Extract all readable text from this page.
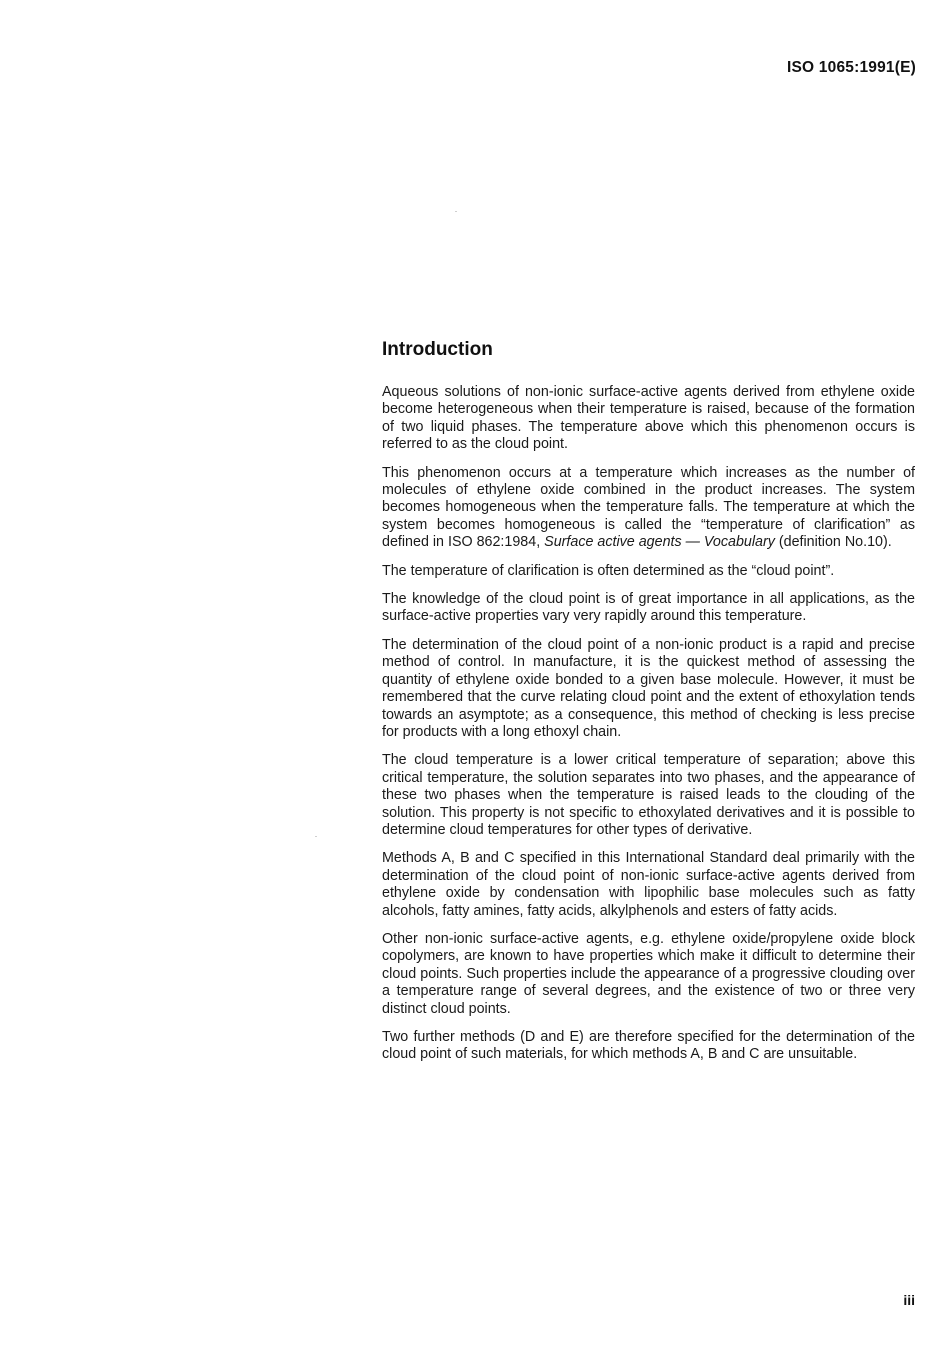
ISO 1065:1991(E)
Introduction

Aqueous solutions of non-ionic surface-active agents derived from ethylene oxide become heterogeneous when their temperature is raised, because of the formation of two liquid phases. The temperature above which this phenomenon occurs is referred to as the cloud point.

This phenomenon occurs at a temperature which increases as the number of molecules of ethylene oxide combined in the product increases. The system becomes homogeneous when the temperature falls. The temperature at which the system becomes homogeneous is called the “temperature of clarification” as defined in ISO 862:1984, Surface active agents — Vocabulary (definition No.10).

The temperature of clarification is often determined as the “cloud point”.

The knowledge of the cloud point is of great importance in all applications, as the surface-active properties vary very rapidly around this temperature.

The determination of the cloud point of a non-ionic product is a rapid and precise method of control. In manufacture, it is the quickest method of assessing the quantity of ethylene oxide bonded to a given base molecule. However, it must be remembered that the curve relating cloud point and the extent of ethoxylation tends towards an asymptote; as a consequence, this method of checking is less precise for products with a long ethoxyl chain.

The cloud temperature is a lower critical temperature of separation; above this critical temperature, the solution separates into two phases, and the appearance of these two phases when the temperature is raised leads to the clouding of the solution. This property is not specific to ethoxylated derivatives and it is possible to determine cloud temperatures for other types of derivative.

Methods A, B and C specified in this International Standard deal primarily with the determination of the cloud point of non-ionic surface-active agents derived from ethylene oxide by condensation with lipophilic base molecules such as fatty alcohols, fatty amines, fatty acids, alkylphenols and esters of fatty acids.

Other non-ionic surface-active agents, e.g. ethylene oxide/propylene oxide block copolymers, are known to have properties which make it difficult to determine their cloud points. Such properties include the appearance of a progressive clouding over a temperature range of several degrees, and the existence of two or three very distinct cloud points.

Two further methods (D and E) are therefore specified for the determination of the cloud point of such materials, for which methods A, B and C are unsuitable.

iii
